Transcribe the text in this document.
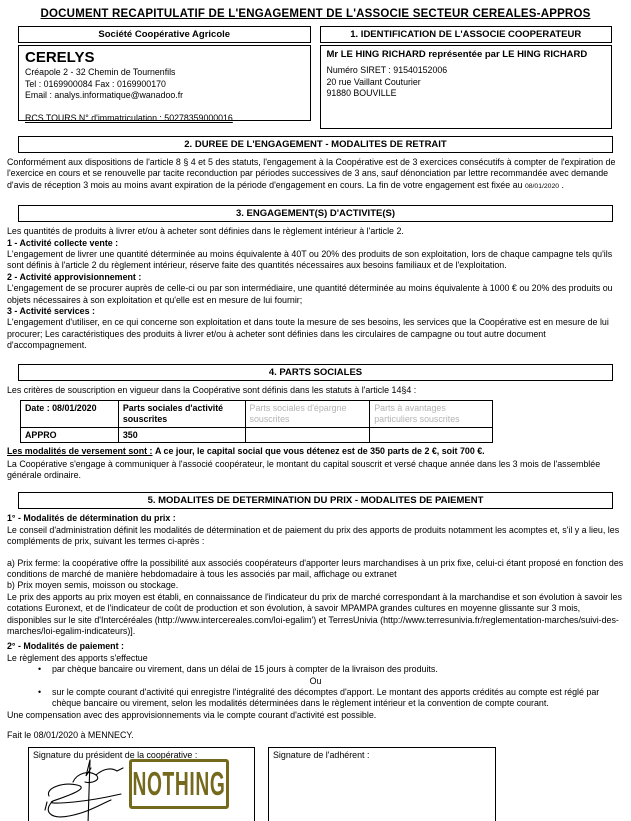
DOCUMENT RECAPITULATIF DE L'ENGAGEMENT DE L'ASSOCIE SECTEUR CEREALES-APPROS
Société Coopérative Agricole
CERELYS
Créapole 2 - 32 Chemin de Tournenfils
Tel : 0169900084 Fax : 0169900170
Email : analys.informatique@wanadoo.fr
RCS TOURS N° d'immatriculation : 50278359000016
1. IDENTIFICATION DE L'ASSOCIE COOPERATEUR
Mr LE HING RICHARD représentée par LE HING RICHARD
Numéro SIRET : 91540152006
20 rue Vaillant Couturier
91880 BOUVILLE
2. DUREE DE L'ENGAGEMENT - MODALITES DE RETRAIT
Conformément aux dispositions de l'article 8 § 4 et 5 des statuts, l'engagement à la Coopérative est de 3 exercices consécutifs à compter de l'expiration de l'exercice en cours et se renouvelle par tacite reconduction par périodes successives de 3 ans, sauf dénonciation par lettre recommandée avec demande d'avis de réception 3 mois au moins avant expiration de la période d'engagement en cours. La fin de votre engagement est fixée au 08/01/2020 .
3. ENGAGEMENT(S) D'ACTIVITE(S)
Les quantités de produits à livrer et/ou à acheter sont définies dans le règlement intérieur à l'article 2.
1 - Activité collecte vente :
L'engagement de livrer une quantité déterminée au moins équivalente à 40T ou 20% des produits de son exploitation, lors de chaque campagne tels qu'ils sont définis à l'article 2 du règlement intérieur, réserve faite des quantités nécessaires aux besoins familiaux et de l'exploitation.
2 - Activité approvisionnement :
L'engagement de se procurer auprès de celle-ci ou par son intermédiaire, une quantité déterminée au moins équivalente à 1000 € ou 20% des produits ou objets nécessaires à son exploitation et qu'elle est en mesure de lui fournir;
3 - Activité services :
L'engagement d'utiliser, en ce qui concerne son exploitation et dans toute la mesure de ses besoins, les services que la Coopérative est en mesure de lui procurer; Les caractéristiques des produits à livrer et/ou à acheter sont définies dans les circulaires de campagne ou tout autre document d'accompagnement.
4. PARTS SOCIALES
Les critères de souscription en vigueur dans la Coopérative sont définis dans les statuts à l'article 14§4 :
Date : 08/01/2020	Parts sociales d'activité souscrites	Parts sociales d'épargne souscrites	Parts à avantages particuliers souscrites
APPRO	350		
Les modalités de versement sont : A ce jour, le capital social que vous détenez est de 350 parts de 2 €, soit 700 €.
La Coopérative s'engage à communiquer à l'associé coopérateur, le montant du capital souscrit et versé chaque année dans les 3 mois de l'assemblée générale ordinaire.
5. MODALITES DE DETERMINATION DU PRIX - MODALITES DE PAIEMENT
1° - Modalités de détermination du prix :
Le conseil d'administration définit les modalités de détermination et de paiement du prix des apports de produits notamment les acomptes et, s'il y a lieu, les compléments de prix, suivant les termes ci-après :
a) Prix ferme: la coopérative offre la possibilité aux associés coopérateurs d'apporter leurs marchandises à un prix fixe, celui-ci étant proposé en fonction des conditions de marché de manière hebdomadaire à tous les associés par mail, affichage ou extranet
b) Prix moyen semis, moisson ou stockage.
Le prix des apports au prix moyen est établi, en connaissance de l'indicateur du prix de marché correspondant à la marchandise et son évolution à savoir les cotations Euronext, et de l'indicateur de coût de production et son évolution, à savoir MPAMPA grandes cultures en moyenne glissante sur 3 mois, disponibles sur le site d'Intercéréales (http://www.intercereales.com/loi-egalim') et TerresUnivia (http://www.terresunivia.fr/reglementation-marches/suivi-des-marches/loi-egalim-indicateurs)].
2° - Modalités de paiement :
Le règlement des apports s'effectue
• par chèque bancaire ou virement, dans un délai de 15 jours à compter de la livraison des produits.
Ou
• sur le compte courant d'activité qui enregistre l'intégralité des décomptes d'apport. Le montant des apports crédités au compte est réglé par chèque bancaire ou virement, selon les modalités déterminées dans le règlement intérieur et la convention de compte courant.
Une compensation avec des approvisionnements via le compte courant d'activité est possible.
Fait le 08/01/2020 à MENNECY.
Signature du président de la coopérative :
NOTHING
Signature de l'adhérent :
